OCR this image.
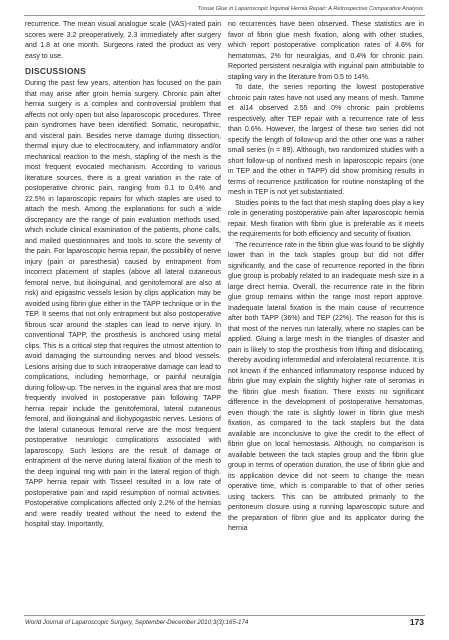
Tissue Glue in Laparoscopic Inguinal Hernia Repair: A Retrospective Comparative Analysis

recurrence. The mean visual analogue scale (VAS)-rated pain scores were 3.2 preoperatively, 2.3 immediately after surgery and 1.8 at one month. Surgeons rated the product as very easy to use.

DISCUSSIONS

During the past few years, attention has focused on the pain that may arise after groin hernia surgery. Chronic pain after hernia surgery is a complex and controversial problem that affects not only open but also laparoscopic procedures. Three pain syndromes have been identified: Somatic, neuropathic, and visceral pain. Besides nerve damage during dissection, thermal injury due to electrocautery, and inflammatory and/or mechanical reaction to the mesh, stapling of the mesh is the most frequent evocated mechanism. According to various literature sources, there is a great variation in the rate of postoperative chronic pain, ranging from 0.1 to 0.4% and 22.5% in laparoscopic repairs for which staples are used to attach the mesh. Among the explanations for such a wide discrepancy are the range of pain evaluation methods used, which include clinical examination of the patients, phone calls, and mailed questionnaires and tools to score the severity of the pain. For laparoscopic hernia repair, the possibility of nerve injury (pain or paresthesia) caused by entrapment from incorrect placement of staples (above all lateral cutaneous femoral nerve, but ilioinguinal, and genitofemoral are also at risk) and epigastric vessels lesion by clips application may be avoided using fibrin glue either in the TAPP technique or in the TEP. It seems that not only entrapment but also postoperative fibrous scar around the staples can lead to nerve injury. In conventional TAPP, the prosthesis is anchored using metal clips. This is a critical step that requires the utmost attention to avoid damaging the surrounding nerves and blood vessels. Lesions arising due to such intraoperative damage can lead to complications, including hemorrhage, or painful neuralgia during follow-up. The nerves in the inguinal area that are most frequently involved in postoperative pain following TAPP hernia repair include the genitofemoral, lateral cutaneous femoral, and ilioinguinal and iliohypogastric nerves. Lesions of the lateral cutaneous femoral nerve are the most frequent postoperative neurologic complications associated with laparoscopy. Such lesions are the result of damage or entrapment of the nerve during lateral fixation of the mesh to the deep inguinal ring with pain in the lateral region of thigh. TAPP hernia repair with Tisseel resulted in a low rate of postoperative pain and rapid resumption of normal activities. Postoperative complications affected only 2.2% of the hernias and were readily treated without the need to extend the hospital stay. Importantly,

no recurrences have been observed. These statistics are in favor of fibrin glue mesh fixation, along with other studies, which report postoperative complication rates of 4.6% for hematomas, 2% for neuralgias, and 0.4% for chronic pain. Reported persistent neuralgia with inguinal pain attributable to stapling vary in the literature from 0.5 to 14%.

To date, the series reporting the lowest postoperative chronic pain rates have not used any means of mesh. Tamme et al14 observed 2.55 and 0% chronic pain problems respectively, after TEP repair with a recurrence rate of less than 0.6%. However, the largest of these two series did not specify the length of follow-up and the other one was a rather small series (n = 89). Although, two randomized studies with a short follow-up of nonfixed mesh in laparoscopic repairs (one in TEP and the other in TAPP) did show promising results in terms of recurrence justification for routine nonstapling of the mesh in TEP is not yet substantiated.

Studies points to the fact that mesh stapling does play a key role in generating postoperative pain after laparoscopic hernia repair. Mesh fixation with fibrin glue is preferable as it meets the requirements for both efficiency and security of fixation.

The recurrence rate in the fibrin glue was found to be slightly lower than in the tack staples group but did not differ significantly, and the case of recurrence reported in the fibrin glue group is probably related to an inadequate mesh size in a large direct hernia. Overall, the recurrence rate in the fibrin glue group remains within the range most report approve. Inadequate lateral fixation is the main cause of recurrence after both TAPP (36%) and TEP (22%). The reason for this is that most of the nerves run laterally, where no staples can be applied. Gluing a large mesh in the triangles of disaster and pain is likely to stop the prosthesis from lifting and dislocating, thereby avoiding inferomedial and inferolateral recurrence. It is not known if the enhanced inflammatory response induced by fibrin glue may explain the slightly higher rate of seromas in the fibrin glue mesh fixation. There exists no significant difference in the development of postoperative hematomas, even though the rate is slightly lower in fibrin glue mesh fixation, as compared to the tack staplers but the data available are inconclusive to give the credit to the effect of fibrin glue on local hemostasis. Although, no comparison is available between the tack staples group and the fibrin glue group in terms of operation duration, the use of fibrin glue and its application device did not seem to change the mean operative time, which is comparable to that of other series using tackers. This can be attributed primarily to the peritoneum closure using a running laparoscopic suture and the preparation of fibrin glue and its applicator during the hernia

World Journal of Laparoscopic Surgery, September-December 2010;3(3):165-174	173
